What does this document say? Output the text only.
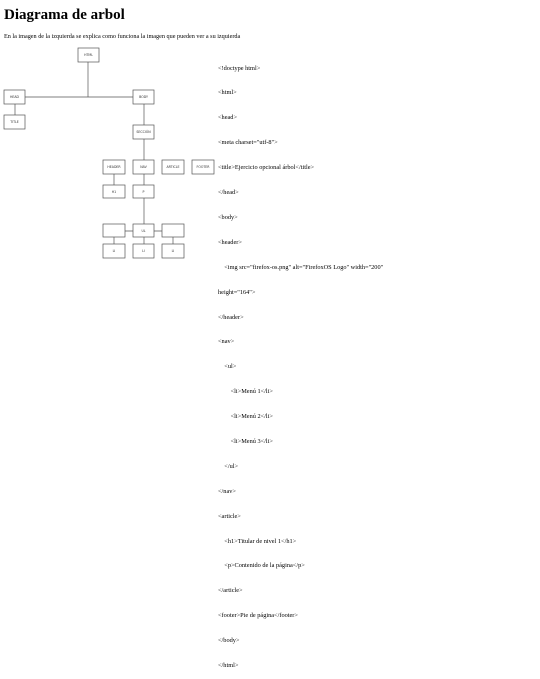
Diagrama de arbol

En la imagen de la izquierda se explica como funciona la imagen que pueden ver a su izquierda

HTML
HEAD	BODY
TITLE
SECCIÓN
HEADER	NAV	ARTICLE	FOOTER
H1	P
UL
LI	LI	LI

<!doctype html>

<html>

<head>

<meta charset="utf-8">

<title>Ejercicio opcional árbol</title>

</head>

<body>

<header>

<img src="firefox-os.png" alt="FirefoxOS Logo" width="200"

height="164">

</header>

<nav>

<ul>

<li>Menú 1</li>

<li>Menú 2</li>

<li>Menú 3</li>

</ul>

</nav>

<article>

<h1>Titular de nivel 1</h1>

<p>Contenido de la página</p>

</article>

<footer>Pie de página</footer>

</body>

</html>
